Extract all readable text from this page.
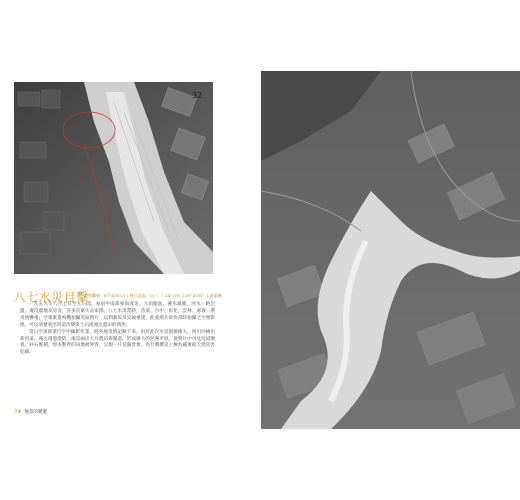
32
八七水災目擊
空照圖號：6774/5021 | 飛行高度：10' | （ 24° 5'N 120° 43'E） | 苗栗縣

一九五九年八月七日至九日間，豪雨中南部豪雨成災，大雨傾盆，溪水暴漲，河水一路氾濫，淹沒農地及房舍，許多民眾失去家園。八七水災當時，苗栗、台中、彰化、雲林、嘉義一帶災情慘重，空軍派遣飛機拍攝災區照片，以利救災及災後重建。此張照片即為當時拍攝之空照影像，可以清楚看出河道改變與土石流淹沒農田的情形。

當日空軍即進行空中攝影作業，將各地災情記錄下來。由於此次水災規模極大，河川沖刷出新河道，溪水漫過堤防，淹沒兩岸大片農田與聚落，形成廣大的泥濘平原。從照片中可見河道變寬，砂石堆積，原本整齊的田地被沖毀，呈現一片荒蕪景象，為台灣歷史上極為嚴重的天然災害紀錄。

74 地景的變遷
